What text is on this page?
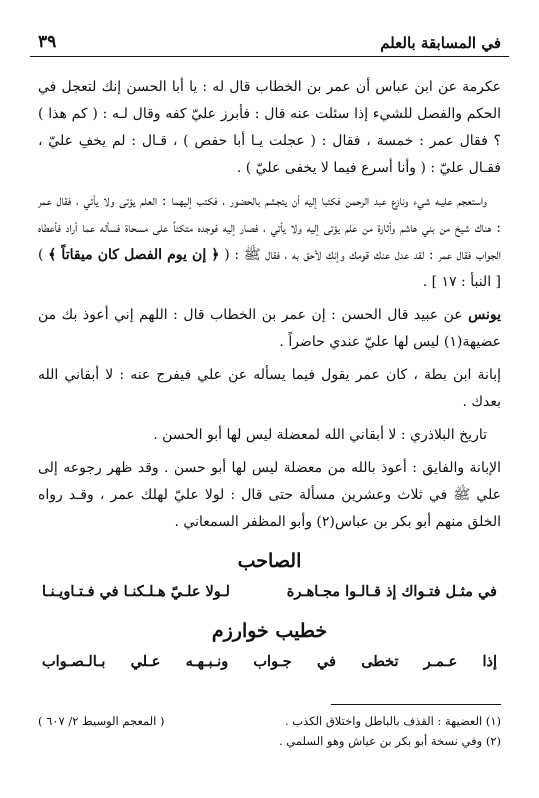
في المسابقة بالعلم
٣٩

عكرمة عن ابن عباس أن عمر بن الخطاب قال له : يا أبا الحسن إنك لتعجل في الحكم والفصل للشيء إذا سئلت عنه قال : فأبرز عليّ كفه وقال لـه : ( كم هذا ) ؟ فقال عمر : خمسة ، فقال : ( عجلت يـا أبا حفص ) ، قـال : لم يخفِ عليّ ، فقـال عليّ : ( وأنا أسرع فيما لا يخفى عليّ ) .

واستعجم عليـه شيء ونازع عبد الرحمن فكتبا إليه أن يتجشم بالحضور ، فكتب إليهما : العلم يؤتى ولا يأتي ، فقال عمر : هناك شيخ من بني هاشم وأثارة من علم يؤتى إليه ولا يأتي ، فصار إليه فوجده متكئاً على مسحاة فسأله عما أراد فأعطاه الجواب فقال عمر : لقد عدل عنك قومك وإنك لأحق به ، فقال ﷺ : ( ﴿ إن يوم الفصل كان ميقاتاً ﴾ ) [ النبأ : ١٧ ] .

يونس عن عبيد قال الحسن : إن عمر بن الخطاب قال : اللهم إني أعوذ بك من عضيهة(١) ليس لها عليّ عندي حاضراً .

إبانة ابن بطة ، كان عمر يقول فيما يسأله عن علي فيفرج عنه : لا أبقاني الله بعدك .

تاريخ البلاذري : لا أبقاني الله لمعضلة ليس لها أبو الحسن .

الإبانة والفايق : أعوذ بالله من معضلة ليس لها أبو حسن . وقد ظهر رجوعه إلى علي ﷺ في ثلاث وعشرين مسألة حتى قال : لولا عليّ لهلك عمر ، وقـد رواه الخلق منهم أبو بكر بن عباس(٢) وأبو المظفر السمعاني .

الصاحب
في مثـل فتـواك إذ قـالـوا مجـاهـرة
لـولا علـيّ هـلـكنـا في فـتـاويـنـا
خطيب خوارزم
إذا
عـمـر
تخطى
في
جـواب
ونـبـهـه
عـلي
بـالـصـواب
(١) العضيهة : القذف بالباطل واختلاق الكذب .
( المعجم الوسيط ٢/ ٦٠٧ )
(٢) وفي نسخة أبو بكر بن عياش وهو السلمي .
